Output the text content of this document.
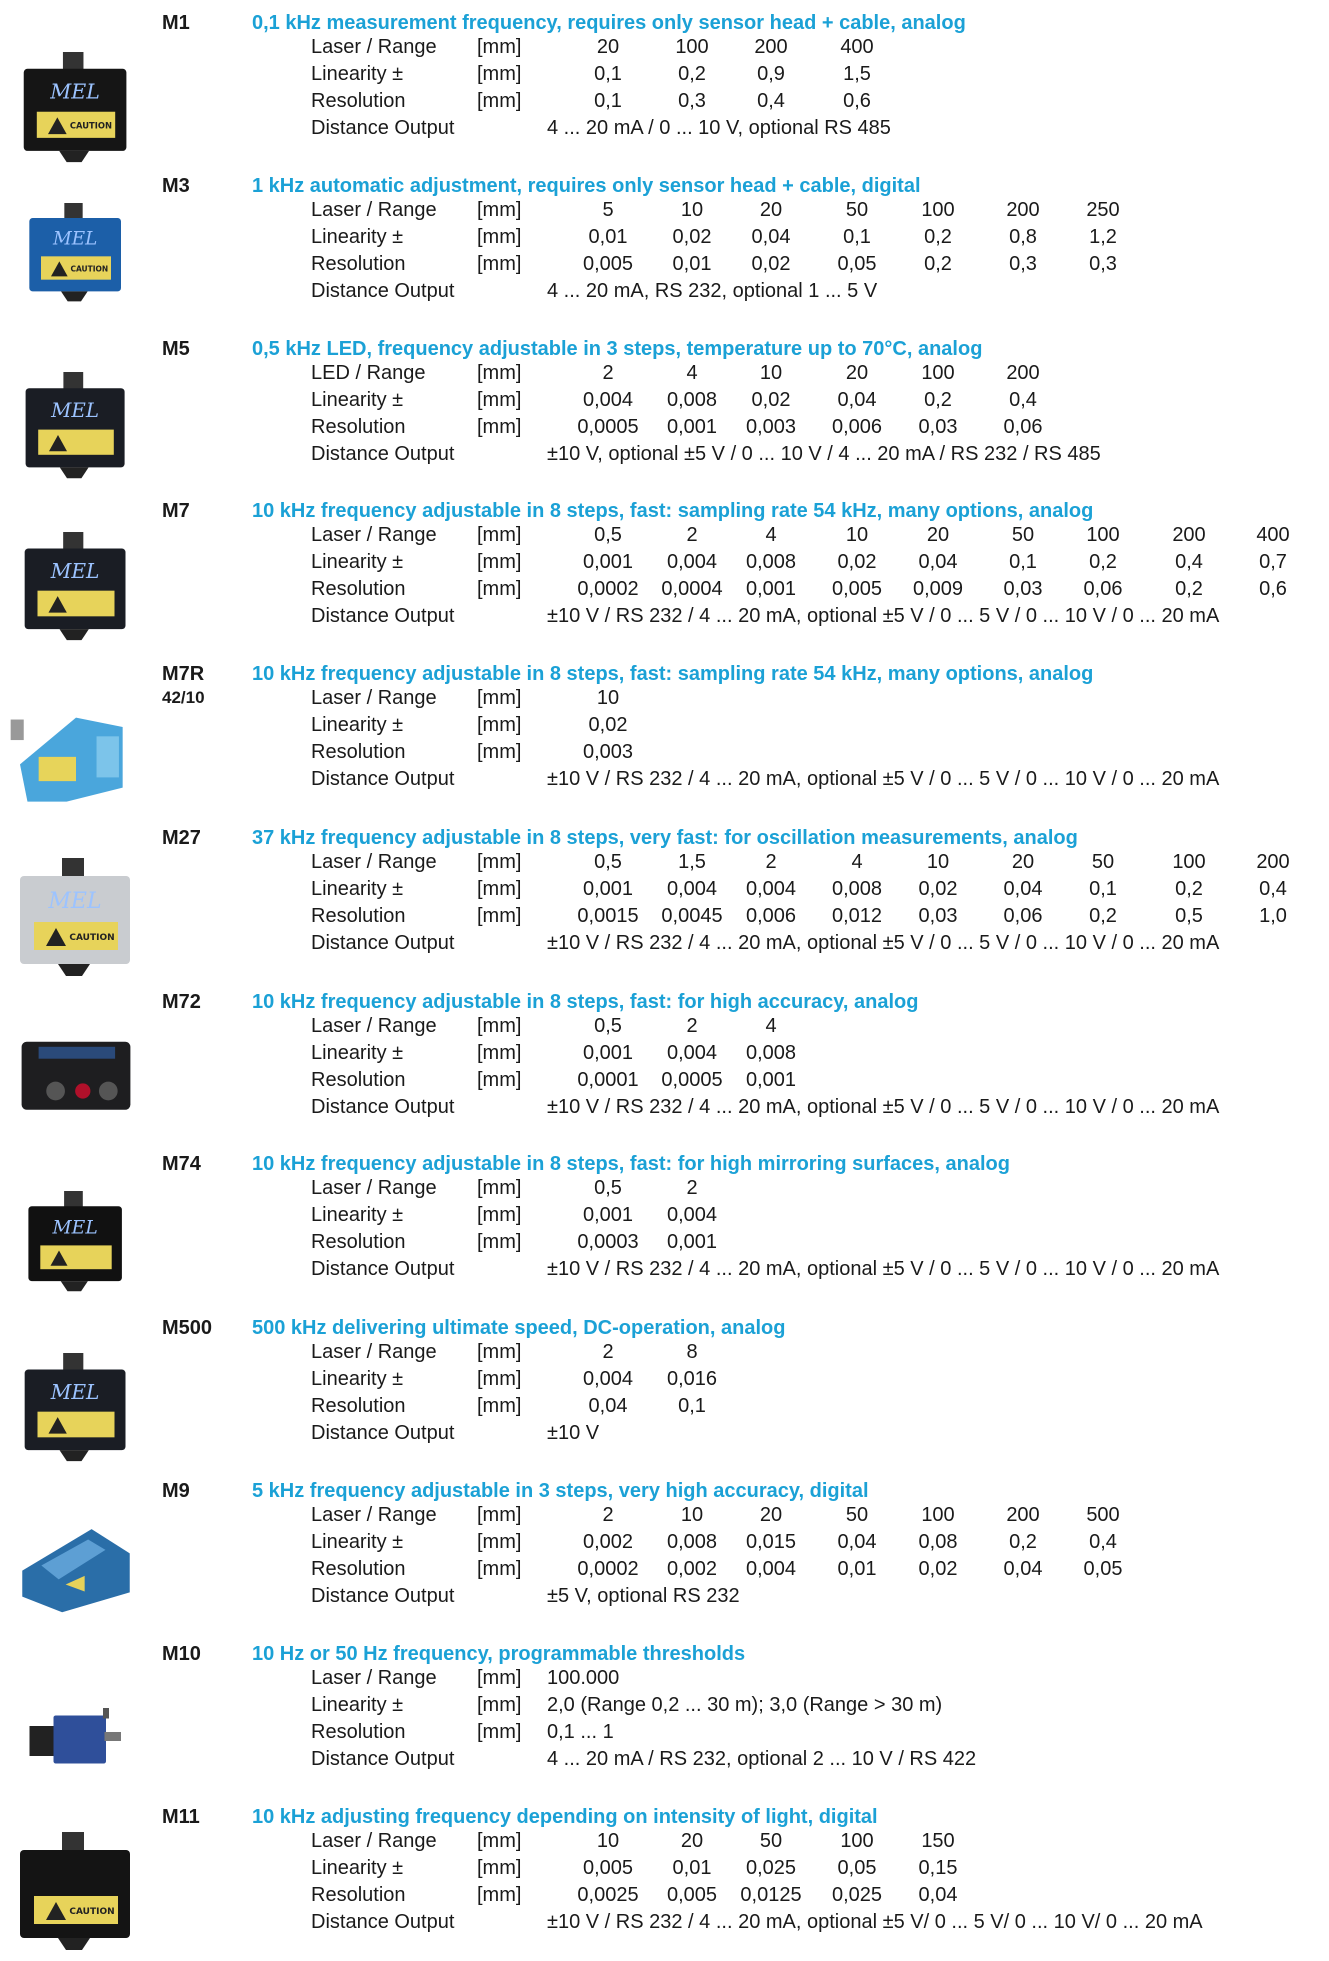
MEL
CAUTION
M1	0,1 kHz measurement frequency, requires only sensor head + cable, analog
Laser / Range [mm]	20	100	200	400
Linearity ±	[mm]	0,1	0,2	0,9	1,5
Resolution	[mm]	0,1	0,3	0,4	0,6
Distance Output	4 ... 20 mA / 0 ... 10 V, optional RS 485
MEL
CAUTION
M3	1 kHz automatic adjustment, requires only sensor head + cable, digital
Laser / Range [mm]	5	10	20	50	100	200	250
Linearity ±	[mm]	0,01	0,02	0,04	0,1	0,2	0,8	1,2
Resolution	[mm]	0,005	0,01	0,02	0,05	0,2	0,3	0,3
Distance Output	4 ... 20 mA, RS 232, optional 1 ... 5 V
MEL
M5	0,5 kHz LED, frequency adjustable in 3 steps, temperature up to 70°C, analog
LED / Range	[mm]	2	4	10	20	100	200
Linearity ±	[mm]	0,004	0,008	0,02	0,04	0,2	0,4
Resolution	[mm]	0,0005	0,001	0,003	0,006	0,03	0,06
Distance Output	±10 V, optional ±5 V / 0 ... 10 V / 4 ... 20 mA / RS 232 / RS 485
MEL
M7	10 kHz frequency adjustable in 8 steps, fast: sampling rate 54 kHz, many options, analog
Laser / Range [mm]	0,5	2	4	10	20	50	100	200	400
Linearity ±	[mm]	0,001	0,004	0,008	0,02	0,04	0,1	0,2	0,4	0,7
Resolution	[mm]	0,0002	0,0004	0,001	0,005	0,009	0,03	0,06	0,2	0,6
Distance Output	±10 V / RS 232 / 4 ... 20 mA, optional ±5 V / 0 ... 5 V / 0 ... 10 V / 0 ... 20 mA
M7R
42/10
10 kHz frequency adjustable in 8 steps, fast: sampling rate 54 kHz, many options, analog
Laser / Range [mm]	10
Linearity ±	[mm]	0,02
Resolution	[mm]	0,003
Distance Output	±10 V / RS 232 / 4 ... 20 mA, optional ±5 V / 0 ... 5 V / 0 ... 10 V / 0 ... 20 mA
MEL
CAUTION
M27	37 kHz frequency adjustable in 8 steps, very fast: for oscillation measurements, analog
Laser / Range [mm]	0,5	1,5	2	4	10	20	50	100	200
Linearity ±	[mm]	0,001	0,004	0,004	0,008	0,02	0,04	0,1	0,2	0,4
Resolution	[mm]	0,0015	0,0045	0,006	0,012	0,03	0,06	0,2	0,5	1,0
Distance Output	±10 V / RS 232 / 4 ... 20 mA, optional ±5 V / 0 ... 5 V / 0 ... 10 V / 0 ... 20 mA
M72	10 kHz frequency adjustable in 8 steps, fast: for high accuracy, analog
Laser / Range [mm]	0,5	2	4
Linearity ±	[mm]	0,001	0,004	0,008
Resolution	[mm]	0,0001	0,0005	0,001
Distance Output	±10 V / RS 232 / 4 ... 20 mA, optional ±5 V / 0 ... 5 V / 0 ... 10 V / 0 ... 20 mA
MEL
M74	10 kHz frequency adjustable in 8 steps, fast: for high mirroring surfaces, analog
Laser / Range [mm]	0,5	2
Linearity ±	[mm]	0,001	0,004
Resolution	[mm]	0,0003	0,001
Distance Output	±10 V / RS 232 / 4 ... 20 mA, optional ±5 V / 0 ... 5 V / 0 ... 10 V / 0 ... 20 mA
MEL
M500 500 kHz delivering ultimate speed, DC-operation, analog
Laser / Range [mm]	2	8
Linearity ±	[mm]	0,004	0,016
Resolution	[mm]	0,04	0,1
Distance Output	±10 V
M9	5 kHz frequency adjustable in 3 steps, very high accuracy, digital
Laser / Range [mm]	2	10	20	50	100	200	500
Linearity ±	[mm]	0,002	0,008	0,015	0,04	0,08	0,2	0,4
Resolution	[mm]	0,0002	0,002	0,004	0,01	0,02	0,04	0,05
Distance Output	±5 V, optional RS 232
M10	10 Hz or 50 Hz frequency, programmable thresholds
Laser / Range [mm] 100.000
Linearity ±	[mm] 2,0 (Range 0,2 ... 30 m); 3,0 (Range > 30 m)
Resolution	[mm] 0,1 ... 1
Distance Output	4 ... 20 mA / RS 232, optional 2 ... 10 V / RS 422
CAUTION
M11	10 kHz adjusting frequency depending on intensity of light, digital
Laser / Range [mm]	10	20	50	100	150
Linearity ±	[mm]	0,005	0,01	0,025	0,05	0,15
Resolution	[mm]	0,0025	0,005	0,0125	0,025	0,04
Distance Output	±10 V / RS 232 / 4 ... 20 mA, optional ±5 V/ 0 ... 5 V/ 0 ... 10 V/ 0 ... 20 mA
